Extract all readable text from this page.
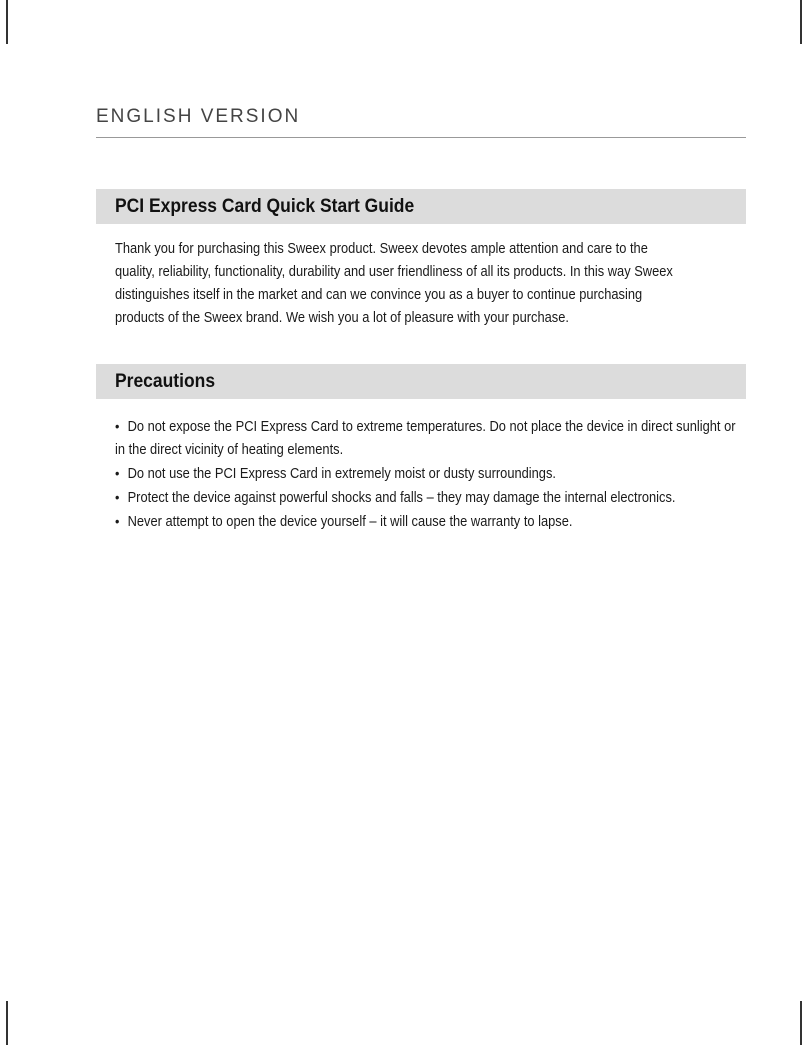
ENGLISH VERSION
PCI Express Card Quick Start Guide

Thank you for purchasing this Sweex product. Sweex devotes ample attention and care to the quality, reliability, functionality, durability and user friendliness of all its products. In this way Sweex distinguishes itself in the market and can we convince you as a buyer to continue purchasing products of the Sweex brand. We wish you a lot of pleasure with your purchase.

Precautions
• Do not expose the PCI Express Card to extreme temperatures. Do not place the device in direct sunlight or in the direct vicinity of heating elements.
• Do not use the PCI Express Card in extremely moist or dusty surroundings.
• Protect the device against powerful shocks and falls – they may damage the internal electronics.
• Never attempt to open the device yourself – it will cause the warranty to lapse.
